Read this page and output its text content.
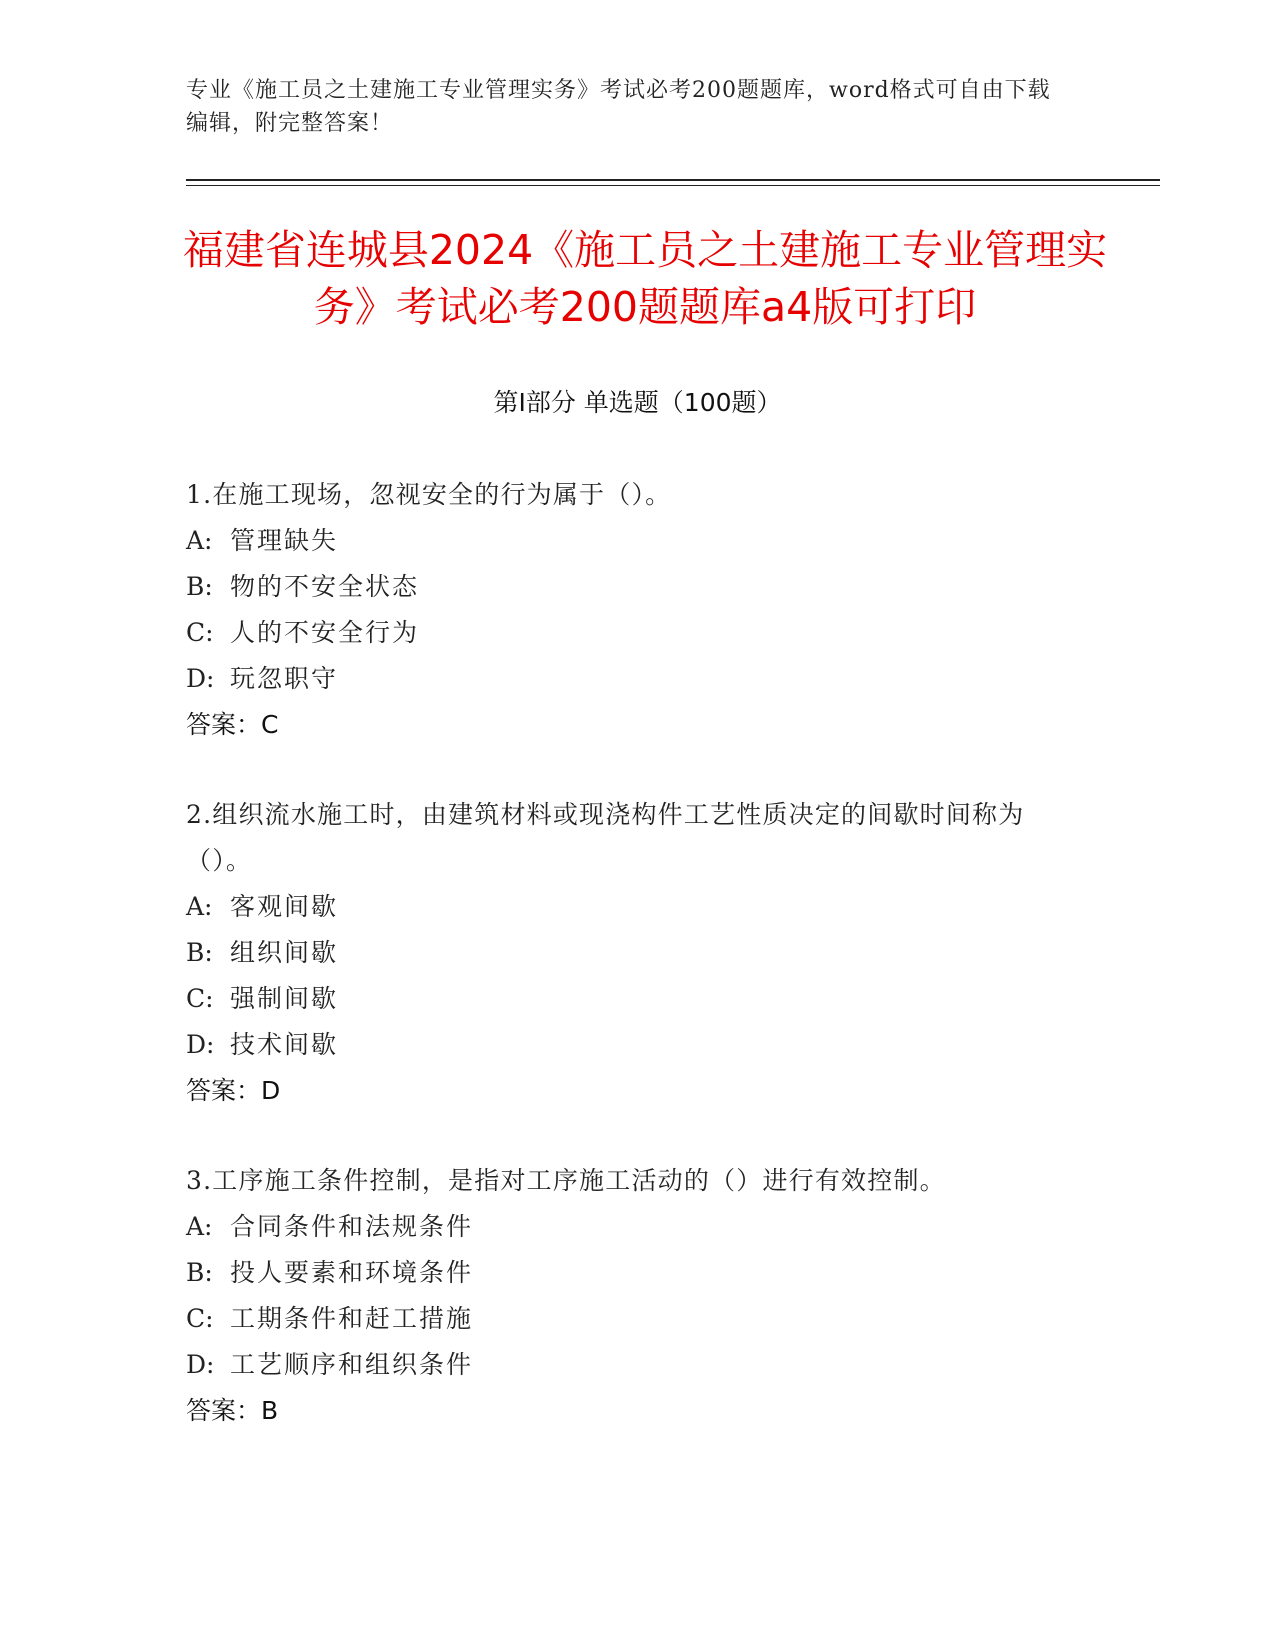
专业《施工员之土建施工专业管理实务》考试必考200题题库，word格式可自由下载编辑，附完整答案！
福建省连城县2024《施工员之土建施工专业管理实务》考试必考200题题库a4版可打印
第Ⅰ部分 单选题（100题）
1.在施工现场，忽视安全的行为属于（）。
A: 管理缺失
B: 物的不安全状态
C: 人的不安全行为
D: 玩忽职守
答案：C
2.组织流水施工时，由建筑材料或现浇构件工艺性质决定的间歇时间称为（）。
A: 客观间歇
B: 组织间歇
C: 强制间歇
D: 技术间歇
答案：D
3.工序施工条件控制，是指对工序施工活动的（）进行有效控制。
A: 合同条件和法规条件
B: 投人要素和环境条件
C: 工期条件和赶工措施
D: 工艺顺序和组织条件
答案：B
